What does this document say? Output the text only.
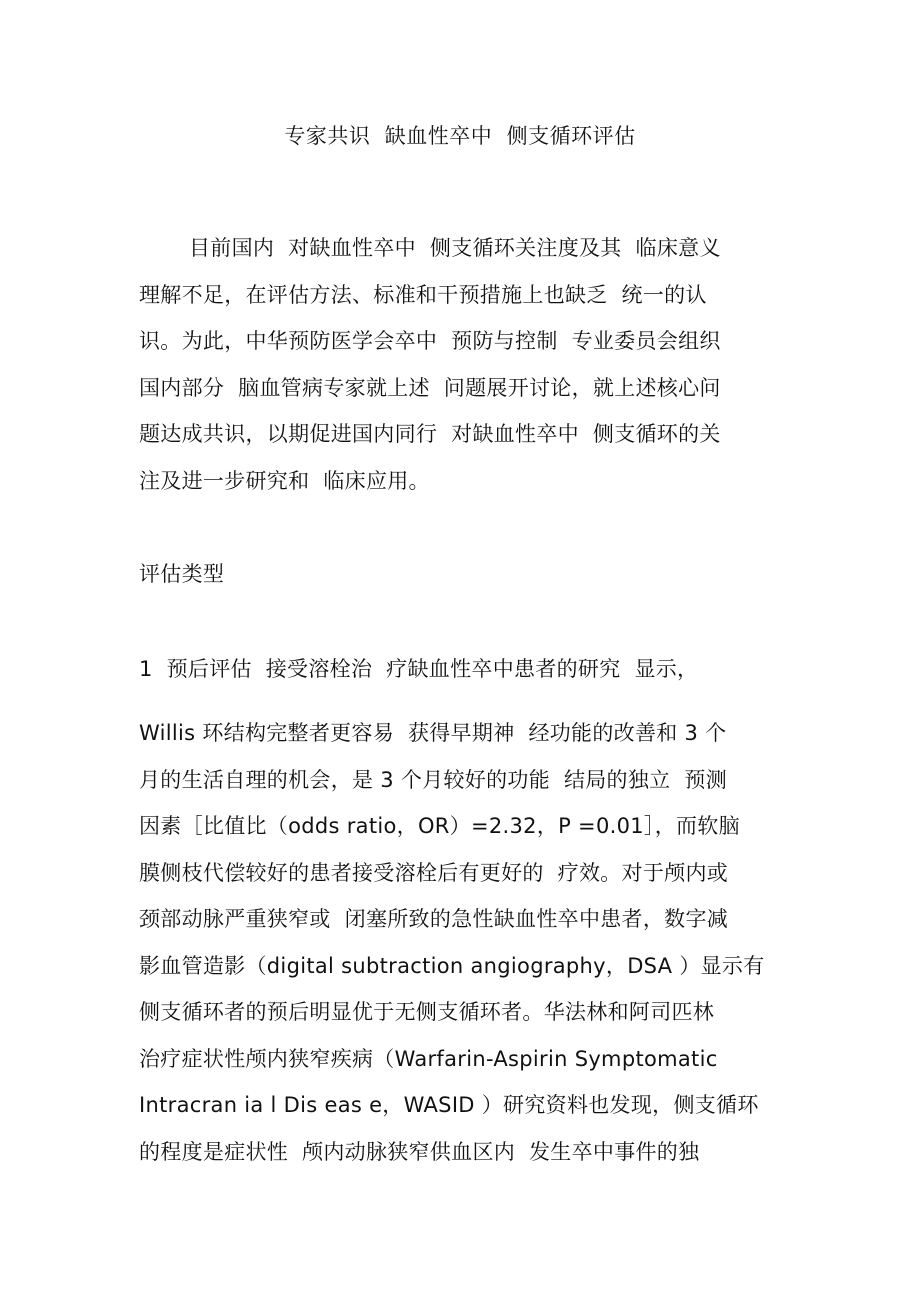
专家共识  缺血性卒中  侧支循环评估
目前国内  对缺血性卒中  侧支循环关注度及其  临床意义
理解不足，在评估方法、标准和干预措施上也缺乏  统一的认
识。为此，中华预防医学会卒中  预防与控制  专业委员会组织
国内部分  脑血管病专家就上述  问题展开讨论，就上述核心问
题达成共识，以期促进国内同行  对缺血性卒中  侧支循环的关
注及进一步研究和  临床应用。
评估类型
1  预后评估  接受溶栓治  疗缺血性卒中患者的研究  显示，
Willis 环结构完整者更容易  获得早期神  经功能的改善和 3 个
月的生活自理的机会，是 3 个月较好的功能  结局的独立  预测
因素［比值比（odds ratio，OR）=2.32，P =0.01］，而软脑
膜侧枝代偿较好的患者接受溶栓后有更好的  疗效。对于颅内或
颈部动脉严重狭窄或  闭塞所致的急性缺血性卒中患者，数字减
影血管造影（digital subtraction angiography，DSA ）显示有
侧支循环者的预后明显优于无侧支循环者。华法林和阿司匹林
治疗症状性颅内狭窄疾病（Warfarin-Aspirin Symptomatic
Intracran ia l Dis eas e，WASID ）研究资料也发现，侧支循环
的程度是症状性  颅内动脉狭窄供血区内  发生卒中事件的独
